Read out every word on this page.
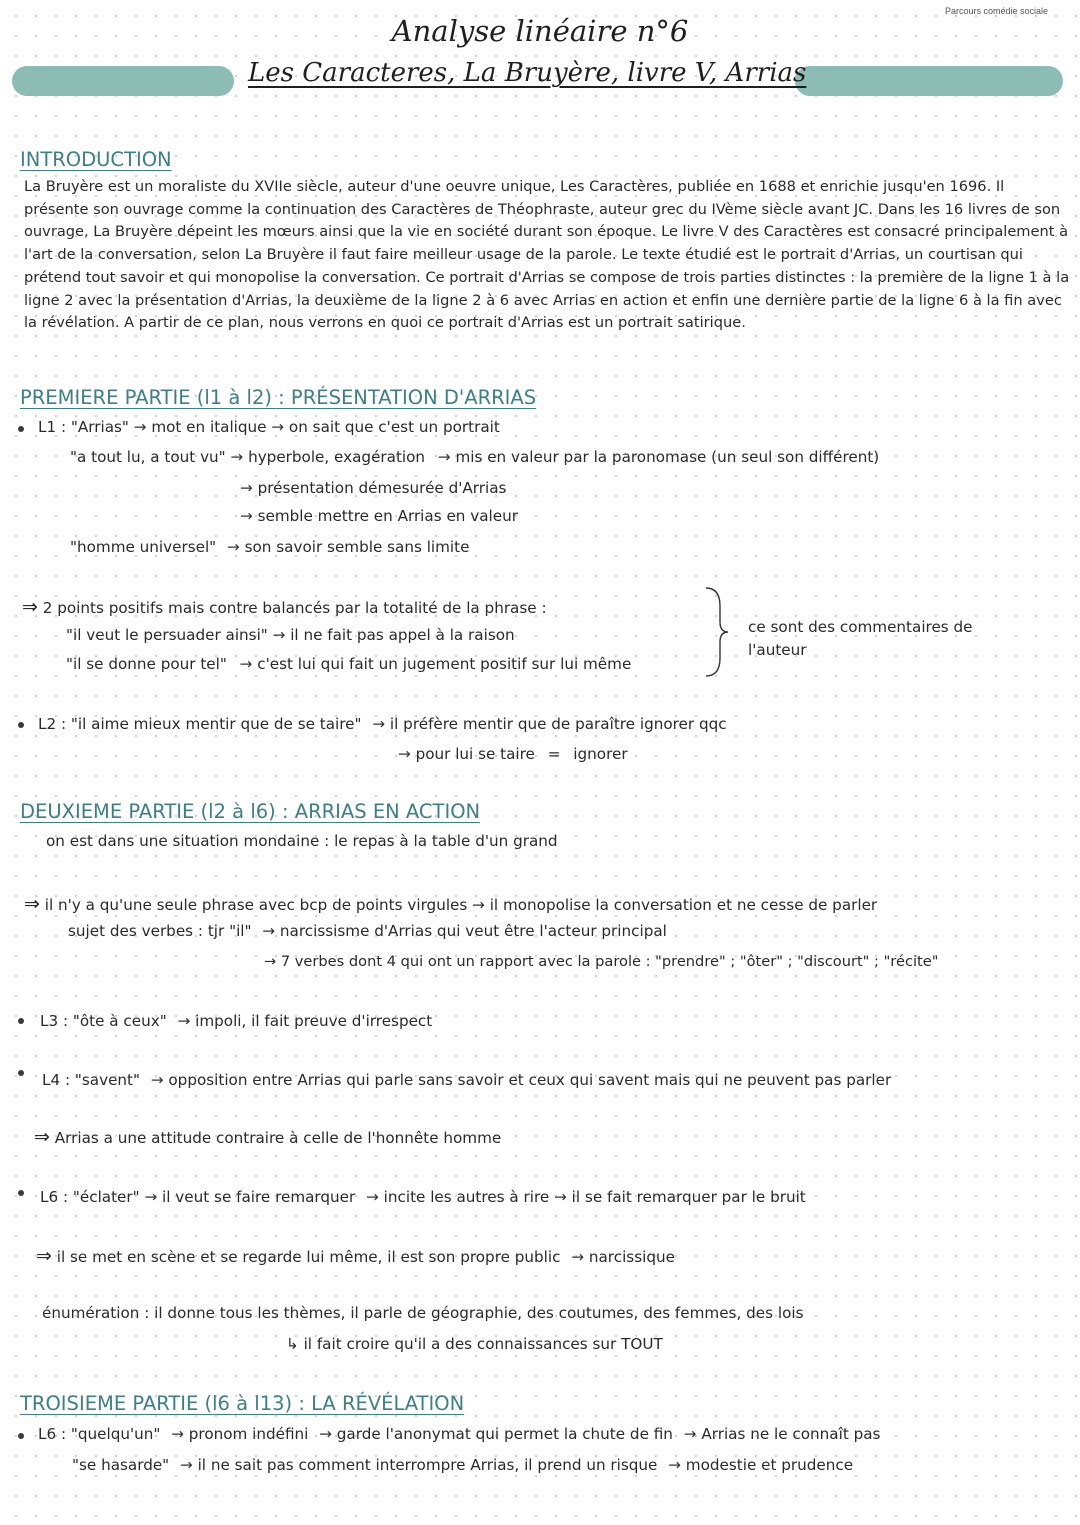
Parcours comédie sociale
Analyse linéaire n°6
Les Caracteres, La Bruyère, livre V, Arrias
INTRODUCTION
La Bruyère est un moraliste du XVIIe siècle, auteur d'une oeuvre unique, Les Caractères, publiée en 1688 et enrichie jusqu'en 1696. Il présente son ouvrage comme la continuation des Caractères de Théophraste, auteur grec du IVème siècle avant JC. Dans les 16 livres de son ouvrage, La Bruyère dépeint les mœurs ainsi que la vie en société durant son époque. Le livre V des Caractères est consacré principalement à l'art de la conversation, selon La Bruyère il faut faire meilleur usage de la parole. Le texte étudié est le portrait d'Arrias, un courtisan qui prétend tout savoir et qui monopolise la conversation. Ce portrait d'Arrias se compose de trois parties distinctes : la première de la ligne 1 à la ligne 2 avec la présentation d'Arrias, la deuxième de la ligne 2 à 6 avec Arrias en action et enfin une dernière partie de la ligne 6 à la fin avec la révélation. A partir de ce plan, nous verrons en quoi ce portrait d'Arrias est un portrait satirique.
PREMIERE PARTIE (l1 à l2) : PRÉSENTATION D'ARRIAS
L1 : "Arrias" → mot en italique → on sait que c'est un portrait
"a tout lu, a tout vu" → hyperbole, exagération → mis en valeur par la paronomase (un seul son différent)
→ présentation démesurée d'Arrias
→ semble mettre en Arrias en valeur
"homme universel" → son savoir semble sans limite
⇒ 2 points positifs mais contre balancés par la totalité de la phrase :
"il veut le persuader ainsi" → il ne fait pas appel à la raison
"il se donne pour tel" → c'est lui qui fait un jugement positif sur lui même
ce sont des commentaires de
l'auteur
L2 : "il aime mieux mentir que de se taire" → il préfère mentir que de paraître ignorer qqc
→ pour lui se taire = ignorer
DEUXIEME PARTIE (l2 à l6) : ARRIAS EN ACTION
on est dans une situation mondaine : le repas à la table d'un grand
⇒ il n'y a qu'une seule phrase avec bcp de points virgules → il monopolise la conversation et ne cesse de parler
sujet des verbes : tjr "il" → narcissisme d'Arrias qui veut être l'acteur principal
→ 7 verbes dont 4 qui ont un rapport avec la parole : "prendre" ; "ôter" ; "discourt" ; "récite"
L3 : "ôte à ceux" → impoli, il fait preuve d'irrespect
L4 : "savent" → opposition entre Arrias qui parle sans savoir et ceux qui savent mais qui ne peuvent pas parler
⇒ Arrias a une attitude contraire à celle de l'honnête homme
L6 : "éclater" → il veut se faire remarquer → incite les autres à rire → il se fait remarquer par le bruit
⇒ il se met en scène et se regarde lui même, il est son propre public → narcissique
énumération : il donne tous les thèmes, il parle de géographie, des coutumes, des femmes, des lois
↳ il fait croire qu'il a des connaissances sur TOUT
TROISIEME PARTIE (l6 à l13) : LA RÉVÉLATION
L6 : "quelqu'un" → pronom indéfini → garde l'anonymat qui permet la chute de fin → Arrias ne le connaît pas
"se hasarde" → il ne sait pas comment interrompre Arrias, il prend un risque → modestie et prudence
